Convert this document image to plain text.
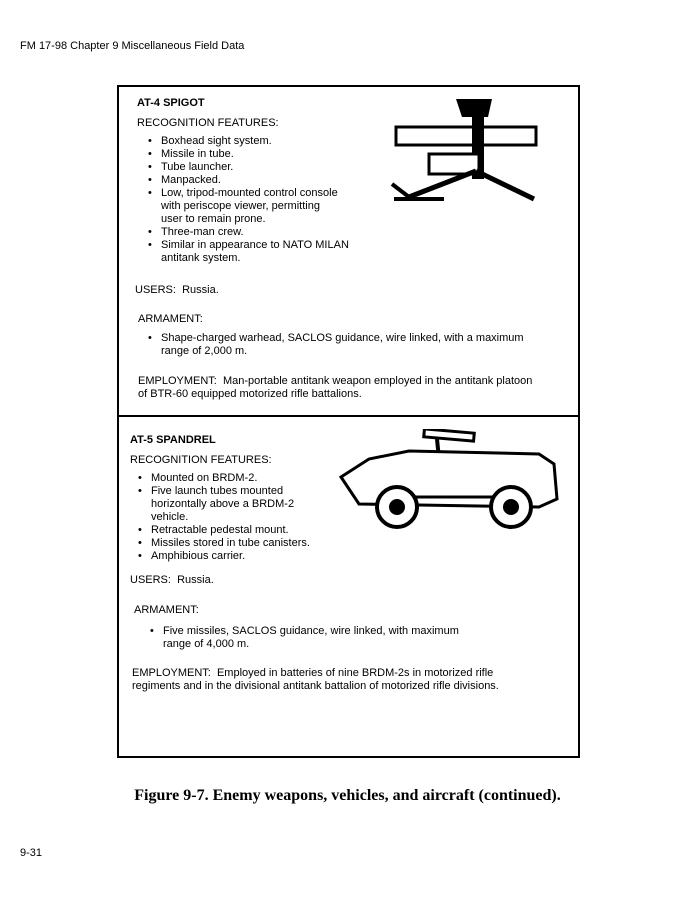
FM 17-98 Chapter 9 Miscellaneous Field Data
AT-4 SPIGOT
RECOGNITION FEATURES:
• Boxhead sight system.
• Missile in tube.
• Tube launcher.
• Manpacked.
• Low, tripod-mounted control console
with periscope viewer, permitting
user to remain prone.
• Three-man crew.
• Similar in appearance to NATO MILAN
antitank system.
USERS:  Russia.
ARMAMENT:
• Shape-charged warhead, SACLOS guidance, wire linked, with a maximum
range of 2,000 m.
EMPLOYMENT:  Man-portable antitank weapon employed in the antitank platoon
of BTR-60 equipped motorized rifle battalions.
AT-5 SPANDREL
RECOGNITION FEATURES:
• Mounted on BRDM-2.
• Five launch tubes mounted
horizontally above a BRDM-2
vehicle.
• Retractable pedestal mount.
• Missiles stored in tube canisters.
• Amphibious carrier.
USERS:  Russia.
ARMAMENT:
• Five missiles, SACLOS guidance, wire linked, with maximum
range of 4,000 m.
EMPLOYMENT:  Employed in batteries of nine BRDM-2s in motorized rifle
regiments and in the divisional antitank battalion of motorized rifle divisions.
Figure 9-7. Enemy weapons, vehicles, and aircraft (continued).
9-31
